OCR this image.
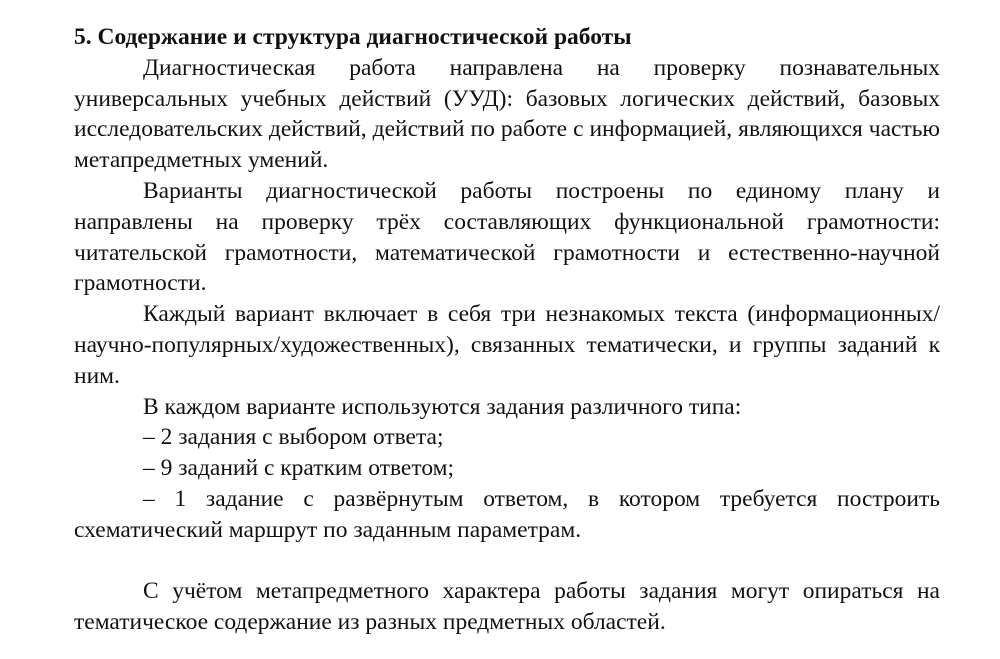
5. Содержание и структура диагностической работы

Диагностическая работа направлена на проверку познавательных универсальных учебных действий (УУД): базовых логических действий, базовых исследовательских действий, действий по работе с информацией, являющихся частью метапредметных умений.

Варианты диагностической работы построены по единому плану и направлены на проверку трёх составляющих функциональной грамотности: читательской грамотности, математической грамотности и естественно-научной грамотности.

Каждый вариант включает в себя три незнакомых текста (информационных/научно-популярных/художественных), связанных тематически, и группы заданий к ним.

В каждом варианте используются задания различного типа:

– 2 задания с выбором ответа;

– 9 заданий с кратким ответом;

– 1 задание с развёрнутым ответом, в котором требуется построить схематический маршрут по заданным параметрам.

С учётом метапредметного характера работы задания могут опираться на тематическое содержание из разных предметных областей.
